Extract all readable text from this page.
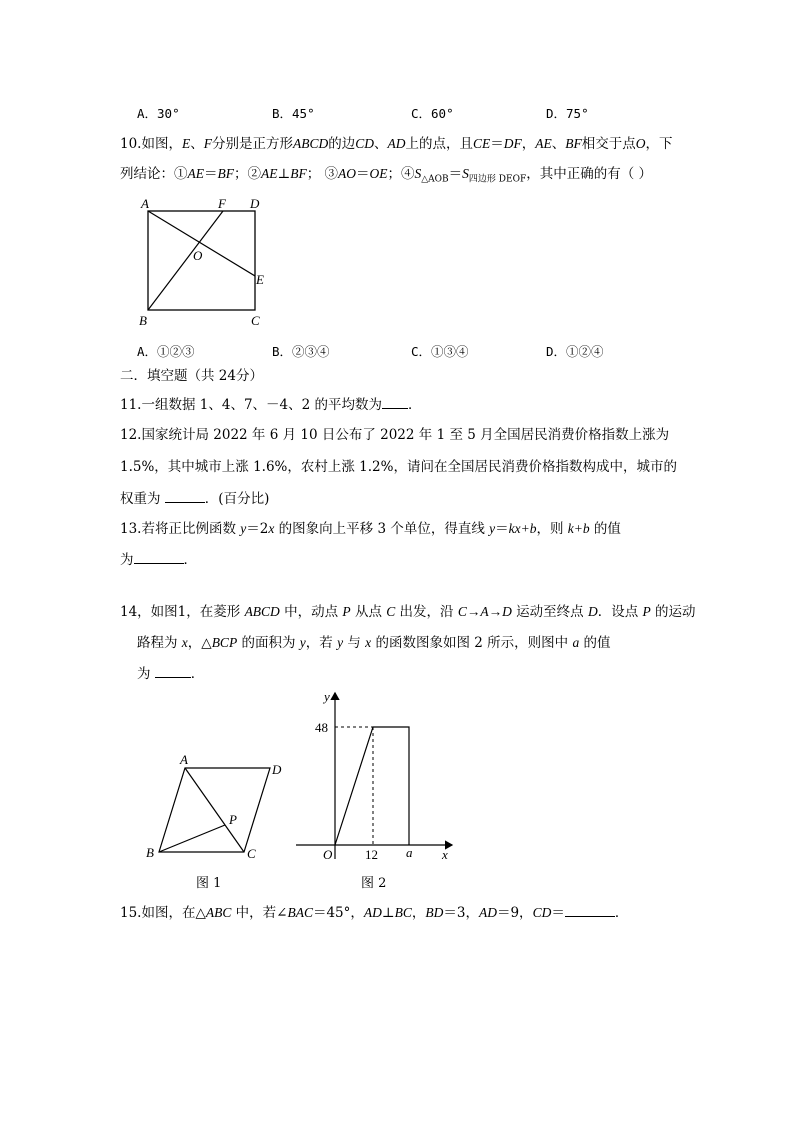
A．30°	B．45°	C．60°	D．75°
10.如图，E、F分别是正方形ABCD的边CD、AD上的点，且CE＝DF，AE、BF相交于点O，下
列结论：①AE＝BF；②AE⊥BF； ③AO＝OE；$④S_{\triangle AOB}=S_{四边形 DEOF}$，其中正确的有（ ）
A	F D
O
E
B	C
A．①②③	B．②③④	C．①③④	D．①②④
二．填空题（共 24分）
11.一组数据 1、4、7、－4、2 的平均数为 ．
12.国家统计局 2022 年 6 月 10 日公布了 2022 年 1 至 5 月全国居民消费价格指数上涨为
1.5%，其中城市上涨 1.6%，农村上涨 1.2%，请问在全国居民消费价格指数构成中，城市的
权重为	．(百分比)
13.若将正比例函数 y＝2x 的图象向上平移 3 个单位，得直线 y＝kx+b，则 k+b 的值
为	．
14，如图1，在菱形 ABCD 中，动点 P 从点 C 出发，沿 C→A→D 运动至终点 D．设点 P 的运动
路程为 x，△BCP 的面积为 y，若 y 与 x 的函数图象如图 2 所示，则图中 a 的值
为	．
A
D
P
B	C
图 1
y
48
O	12 a x
图 2
15.如图，在△ABC 中，若∠BAC＝45°，AD⊥BC，BD＝3，AD＝9，CD＝	．
